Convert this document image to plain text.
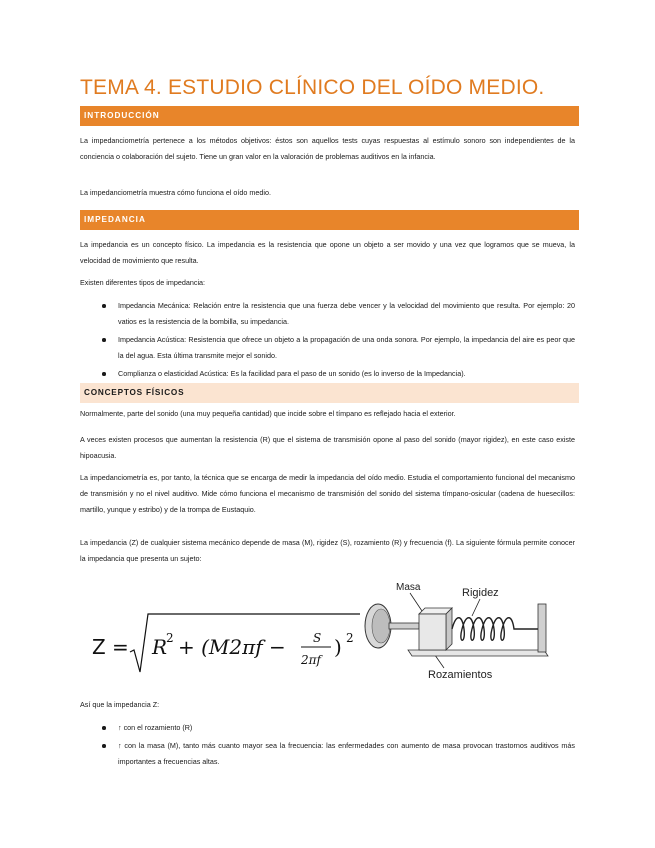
TEMA 4. ESTUDIO CLÍNICO DEL OÍDO MEDIO.
INTRODUCCIÓN

La impedanciometría pertenece a los métodos objetivos: éstos son aquellos tests cuyas respuestas al estímulo sonoro son independientes de la conciencia o colaboración del sujeto. Tiene un gran valor en la valoración de problemas auditivos en la infancia.

La impedanciometría muestra cómo funciona el oído medio.

IMPEDANCIA

La impedancia es un concepto físico. La impedancia es la resistencia que opone un objeto a ser movido y una vez que logramos que se mueva, la velocidad de movimiento que resulta.

Existen diferentes tipos de impedancia:

Impedancia Mecánica: Relación entre la resistencia que una fuerza debe vencer y la velocidad del movimiento que resulta. Por ejemplo: 20 vatios es la resistencia de la bombilla, su impedancia.
Impedancia Acústica: Resistencia que ofrece un objeto a la propagación de una onda sonora. Por ejemplo, la impedancia del aire es peor que la del agua. Esta última transmite mejor el sonido.
Complianza o elasticidad Acústica: Es la facilidad para el paso de un sonido (es lo inverso de la Impedancia).
CONCEPTOS FÍSICOS

Normalmente, parte del sonido (una muy pequeña cantidad) que incide sobre el tímpano es reflejado hacia el exterior.

A veces existen procesos que aumentan la resistencia (R) que el sistema de transmisión opone al paso del sonido (mayor rigidez), en este caso existe hipoacusia.

La impedanciometría es, por tanto, la técnica que se encarga de medir la impedancia del oído medio. Estudia el comportamiento funcional del mecanismo de transmisión y no el nivel auditivo. Mide cómo funciona el mecanismo de transmisión del sonido del sistema tímpano-osicular (cadena de huesecillos: martillo, yunque y estribo) y de la trompa de Eustaquio.

La impedancia (Z) de cualquier sistema mecánico depende de masa (M), rigidez (S), rozamiento (R) y frecuencia (f). La siguiente fórmula permite conocer la impedancia que presenta un sujeto:

Z = R
2 + (M2πf − S
2πf
) 2
Masa	Rigidez
Rozamientos

Así que la impedancia Z:

↑ con el rozamiento (R)
↑ con la masa (M), tanto más cuanto mayor sea la frecuencia: las enfermedades con aumento de masa provocan trastornos auditivos más importantes a frecuencias altas.
